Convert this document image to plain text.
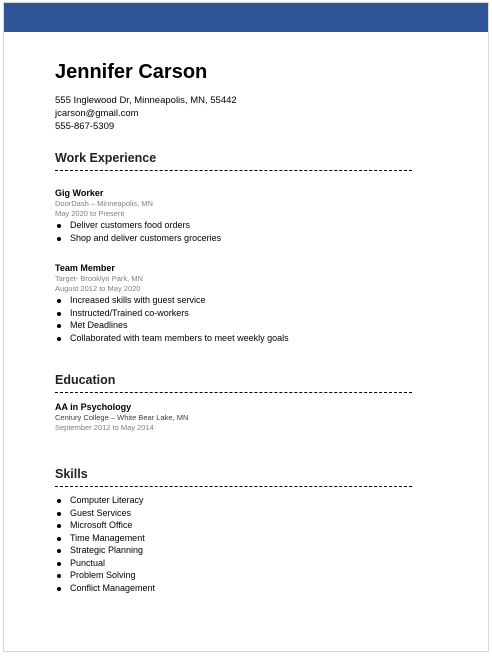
Jennifer Carson

555 Inglewood Dr, Minneapolis, MN, 55442

jcarson@gmail.com

555-867-5309

Work Experience

Gig Worker

DoorDash – Minneapolis, MN

May 2020 to Present

Deliver customers food orders
Shop and deliver customers groceries

Team Member

Target- Brooklyn Park, MN

August 2012 to May 2020

Increased skills with guest service
Instructed/Trained co-workers
Met Deadlines
Collaborated with team members to meet weekly goals
Education

AA in Psychology

Century College – White Bear Lake, MN

September 2012 to May 2014

Skills
Computer Literacy
Guest Services
Microsoft Office
Time Management
Strategic Planning
Punctual
Problem Solving
Conflict Management
